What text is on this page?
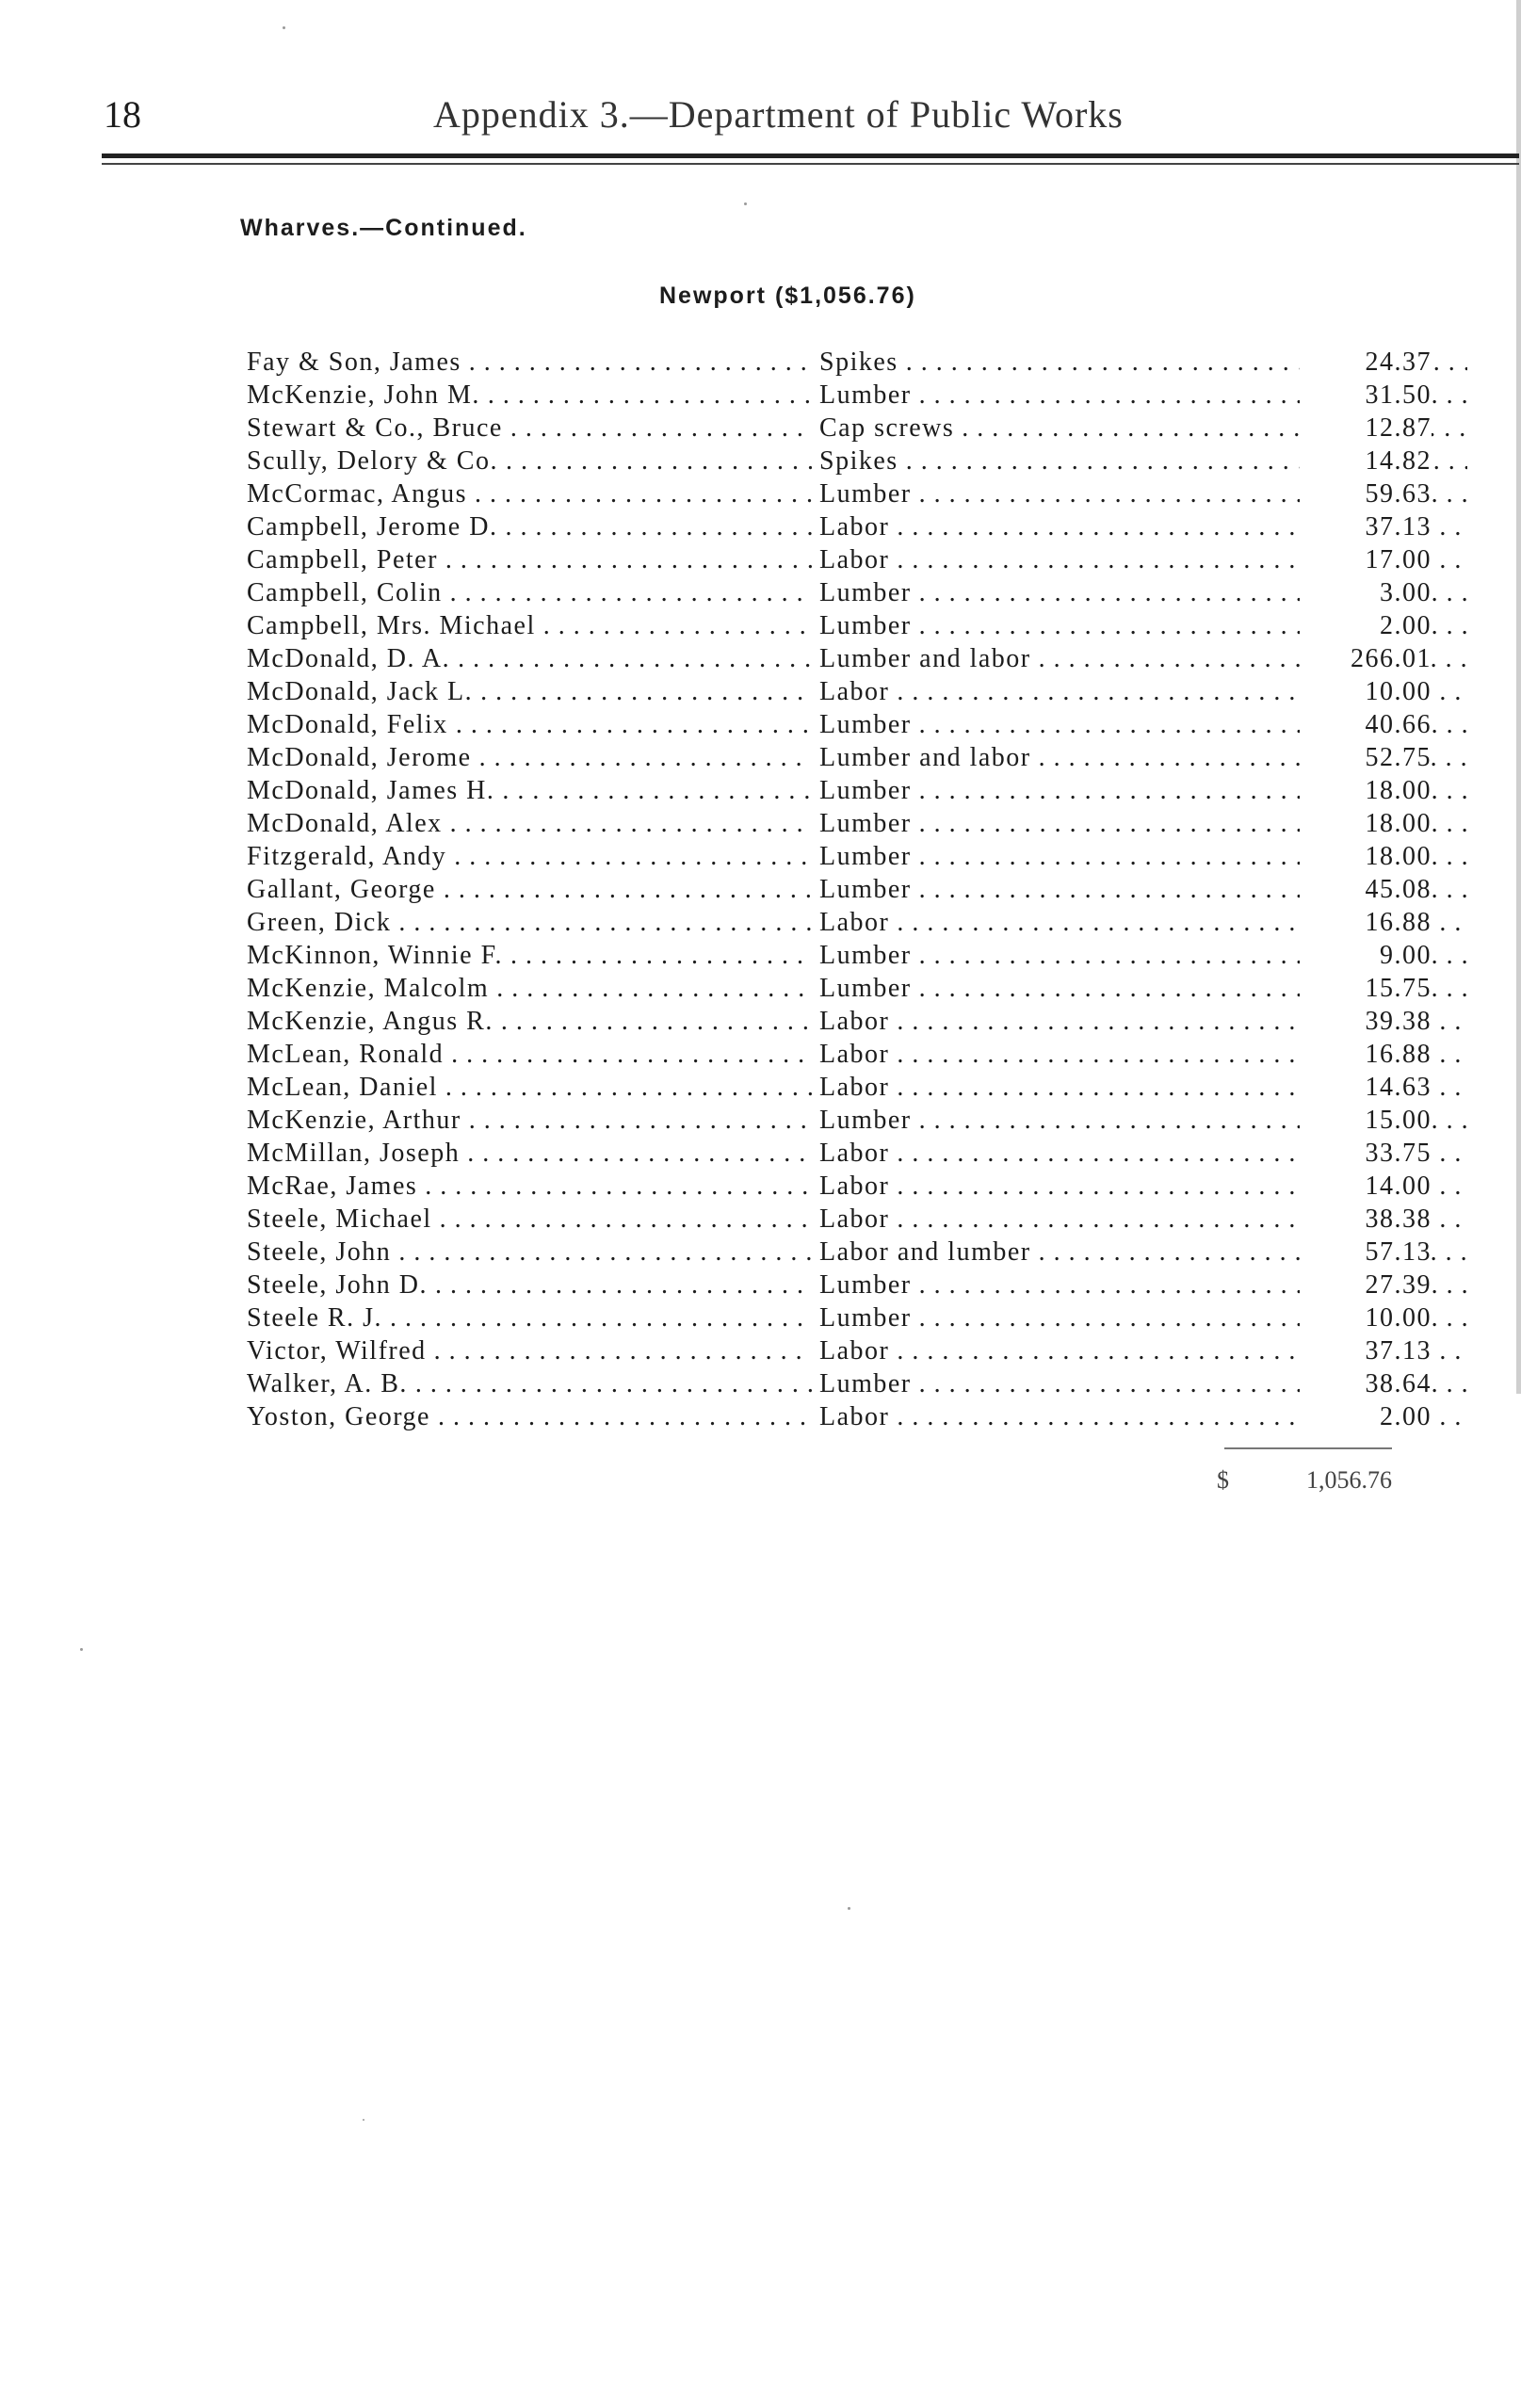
18	Appendix 3.—Department of Public Works
Wharves.—Continued.
Newport ($1,056.76)
Fay & Son, James . . .	Spikes . . .	24.37
McKenzie, John M. . . .	Lumber . . .	31.50
Stewart & Co., Bruce . . .	Cap screws . . .	12.87
Scully, Delory & Co. . . .	Spikes . . .	14.82
McCormac, Angus . . .	Lumber . . .	59.63
Campbell, Jerome D. . . .	Labor . . .	37.13
Campbell, Peter . . .	Labor . . .	17.00
Campbell, Colin . . .	Lumber . . .	3.00
Campbell, Mrs. Michael . . .	Lumber . . .	2.00
McDonald, D. A. . . .	Lumber and labor . . .	266.01
McDonald, Jack L. . . .	Labor . . .	10.00
McDonald, Felix . . .	Lumber . . .	40.66
McDonald, Jerome . . .	Lumber and labor . . .	52.75
McDonald, James H. . . .	Lumber . . .	18.00
McDonald, Alex . . .	Lumber . . .	18.00
Fitzgerald, Andy . . .	Lumber . . .	18.00
Gallant, George . . .	Lumber . . .	45.08
Green, Dick . . .	Labor . . .	16.88
McKinnon, Winnie F. . . .	Lumber . . .	9.00
McKenzie, Malcolm . . .	Lumber . . .	15.75
McKenzie, Angus R. . . .	Labor . . .	39.38
McLean, Ronald . . .	Labor . . .	16.88
McLean, Daniel . . .	Labor . . .	14.63
McKenzie, Arthur . . .	Lumber . . .	15.00
McMillan, Joseph . . .	Labor . . .	33.75
McRae, James . . .	Labor . . .	14.00
Steele, Michael . . .	Labor . . .	38.38
Steele, John . . .	Labor and lumber . . .	57.13
Steele, John D. . . .	Lumber . . .	27.39
Steele R. J. . . .	Lumber . . .	10.00
Victor, Wilfred . . .	Labor . . .	37.13
Walker, A. B. . . .	Lumber . . .	38.64
Yoston, George . . .	Labor . . .	2.00
$	1,056.76
